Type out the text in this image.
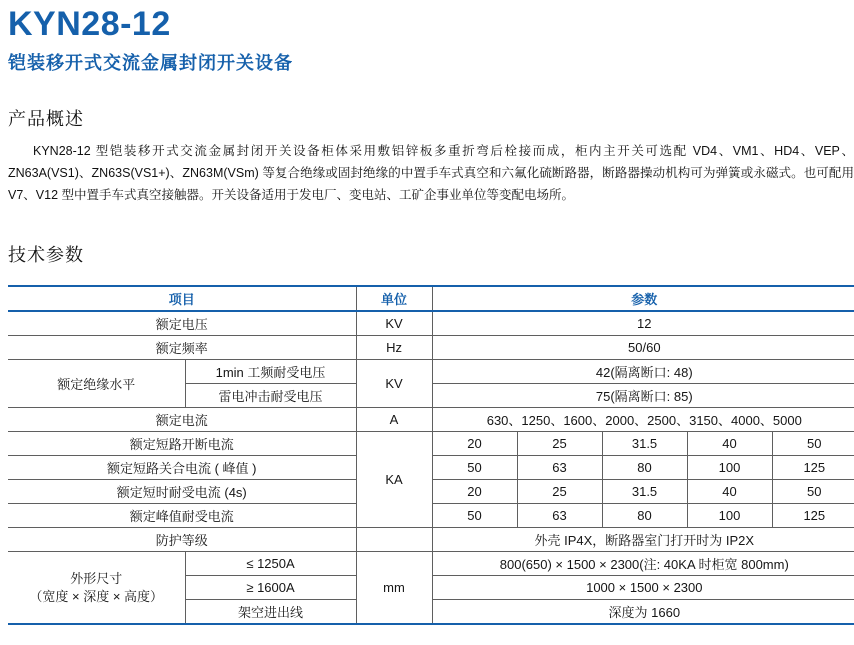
KYN28-12
铠装移开式交流金属封闭开关设备
产品概述

KYN28-12 型铠装移开式交流金属封闭开关设备柜体采用敷铝锌板多重折弯后栓接而成，柜内主开关可选配 VD4、VM1、HD4、VEP、ZN63A(VS1)、ZN63S(VS1+)、ZN63M(VSm) 等复合绝缘或固封绝缘的中置手车式真空和六氟化硫断路器，断路器操动机构可为弹簧或永磁式。也可配用 V7、V12 型中置手车式真空接触器。开关设备适用于发电厂、变电站、工矿企事业单位等变配电场所。

技术参数
项目		单位	参数				
额定电压		KV	12				
额定频率		Hz	50/60				
额定绝缘水平	1min 工频耐受电压	KV	42(隔离断口: 48)				
	雷电冲击耐受电压		75(隔离断口: 85)				
额定电流		A	630、1250、1600、2000、2500、3150、4000、5000				
额定短路开断电流		KA	20	25	31.5	40	50
额定短路关合电流 ( 峰值 )			50	63	80	100	125
额定短时耐受电流 (4s)			20	25	31.5	40	50
额定峰值耐受电流			50	63	80	100	125
防护等级			外壳 IP4X，断路器室门打开时为 IP2X				
外形尺寸
（宽度 × 深度 × 高度）	≤ 1250A	mm	800(650) × 1500 × 2300(注: 40KA 时柜宽 800mm)				
	≥ 1600A		1000 × 1500 × 2300				
	架空进出线		深度为 1660				
